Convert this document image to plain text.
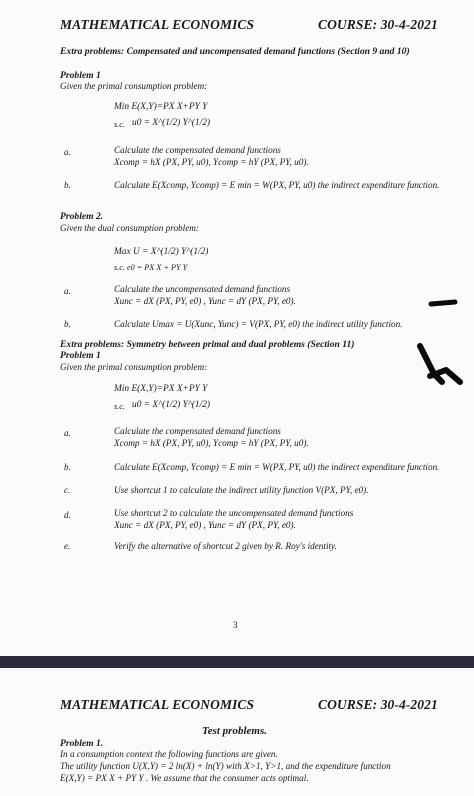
MATHEMATICAL ECONOMICS	COURSE: 30-4-2021
Extra problems: Compensated and uncompensated demand functions (Section 9 and 10)
Problem 1
Given the primal consumption problem:
Min E(X,Y)=PX X+PY Y
s.c. u0 = X^(1/2) Y^(1/2)
a.	Calculate the compensated demand functions
Xcomp = hX (PX, PY, u0), Ycomp = hY (PX, PY, u0).
b.	Calculate E(Xcomp, Ycomp) = E min = W(PX, PY, u0) the indirect expenditure function.
Problem 2.
Given the dual consumption problem:
Max U = X^(1/2) Y^(1/2)
s.c. e0 = PX X + PY Y
a.	Calculate the uncompensated demand functions
Xunc = dX (PX, PY, e0) , Yunc = dY (PX, PY, e0).
b.	Calculate Umax = U(Xunc, Yunc) = V(PX, PY, e0) the indirect utility function.
Extra problems: Symmetry between primal and dual problems (Section 11)
Problem 1
Given the primal consumption problem:
Min E(X,Y)=PX X+PY Y
s.c. u0 = X^(1/2) Y^(1/2)
a.	Calculate the compensated demand functions
Xcomp = hX (PX, PY, u0), Ycomp = hY (PX, PY, u0).
b.	Calculate E(Xcomp, Ycomp) = E min = W(PX, PY, u0) the indirect expenditure function.
c.	Use shortcut 1 to calculate the indirect utility function V(PX, PY, e0).
d.	Use shortcut 2 to calculate the uncompensated demand functions
Xunc = dX (PX, PY, e0) , Yunc = dY (PX, PY, e0).
e.	Verify the alternative of shortcut 2 given by R. Roy's identity.
3
MATHEMATICAL ECONOMICS	COURSE: 30-4-2021
Test problems.
Problem 1.
In a consumption context the following functions are given.
The utility function U(X,Y) = 2 ln(X) + ln(Y) with X>1, Y>1, and the expenditure function
E(X,Y) = PX X + PY Y . We assume that the consumer acts optimal.
